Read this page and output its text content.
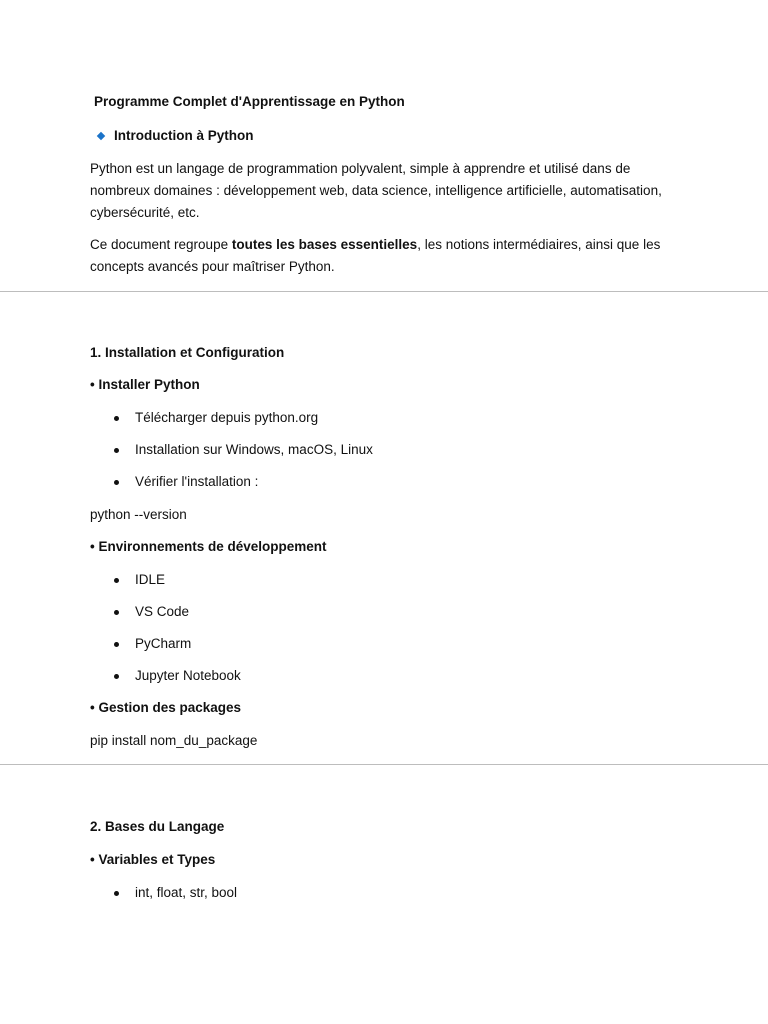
Programme Complet d'Apprentissage en Python
Introduction à Python
Python est un langage de programmation polyvalent, simple à apprendre et utilisé dans de nombreux domaines : développement web, data science, intelligence artificielle, automatisation, cybersécurité, etc.
Ce document regroupe toutes les bases essentielles, les notions intermédiaires, ainsi que les concepts avancés pour maîtriser Python.
1. Installation et Configuration
• Installer Python
Télécharger depuis python.org
Installation sur Windows, macOS, Linux
Vérifier l'installation :
python --version
• Environnements de développement
IDLE
VS Code
PyCharm
Jupyter Notebook
• Gestion des packages
pip install nom_du_package
2. Bases du Langage
• Variables et Types
int, float, str, bool
